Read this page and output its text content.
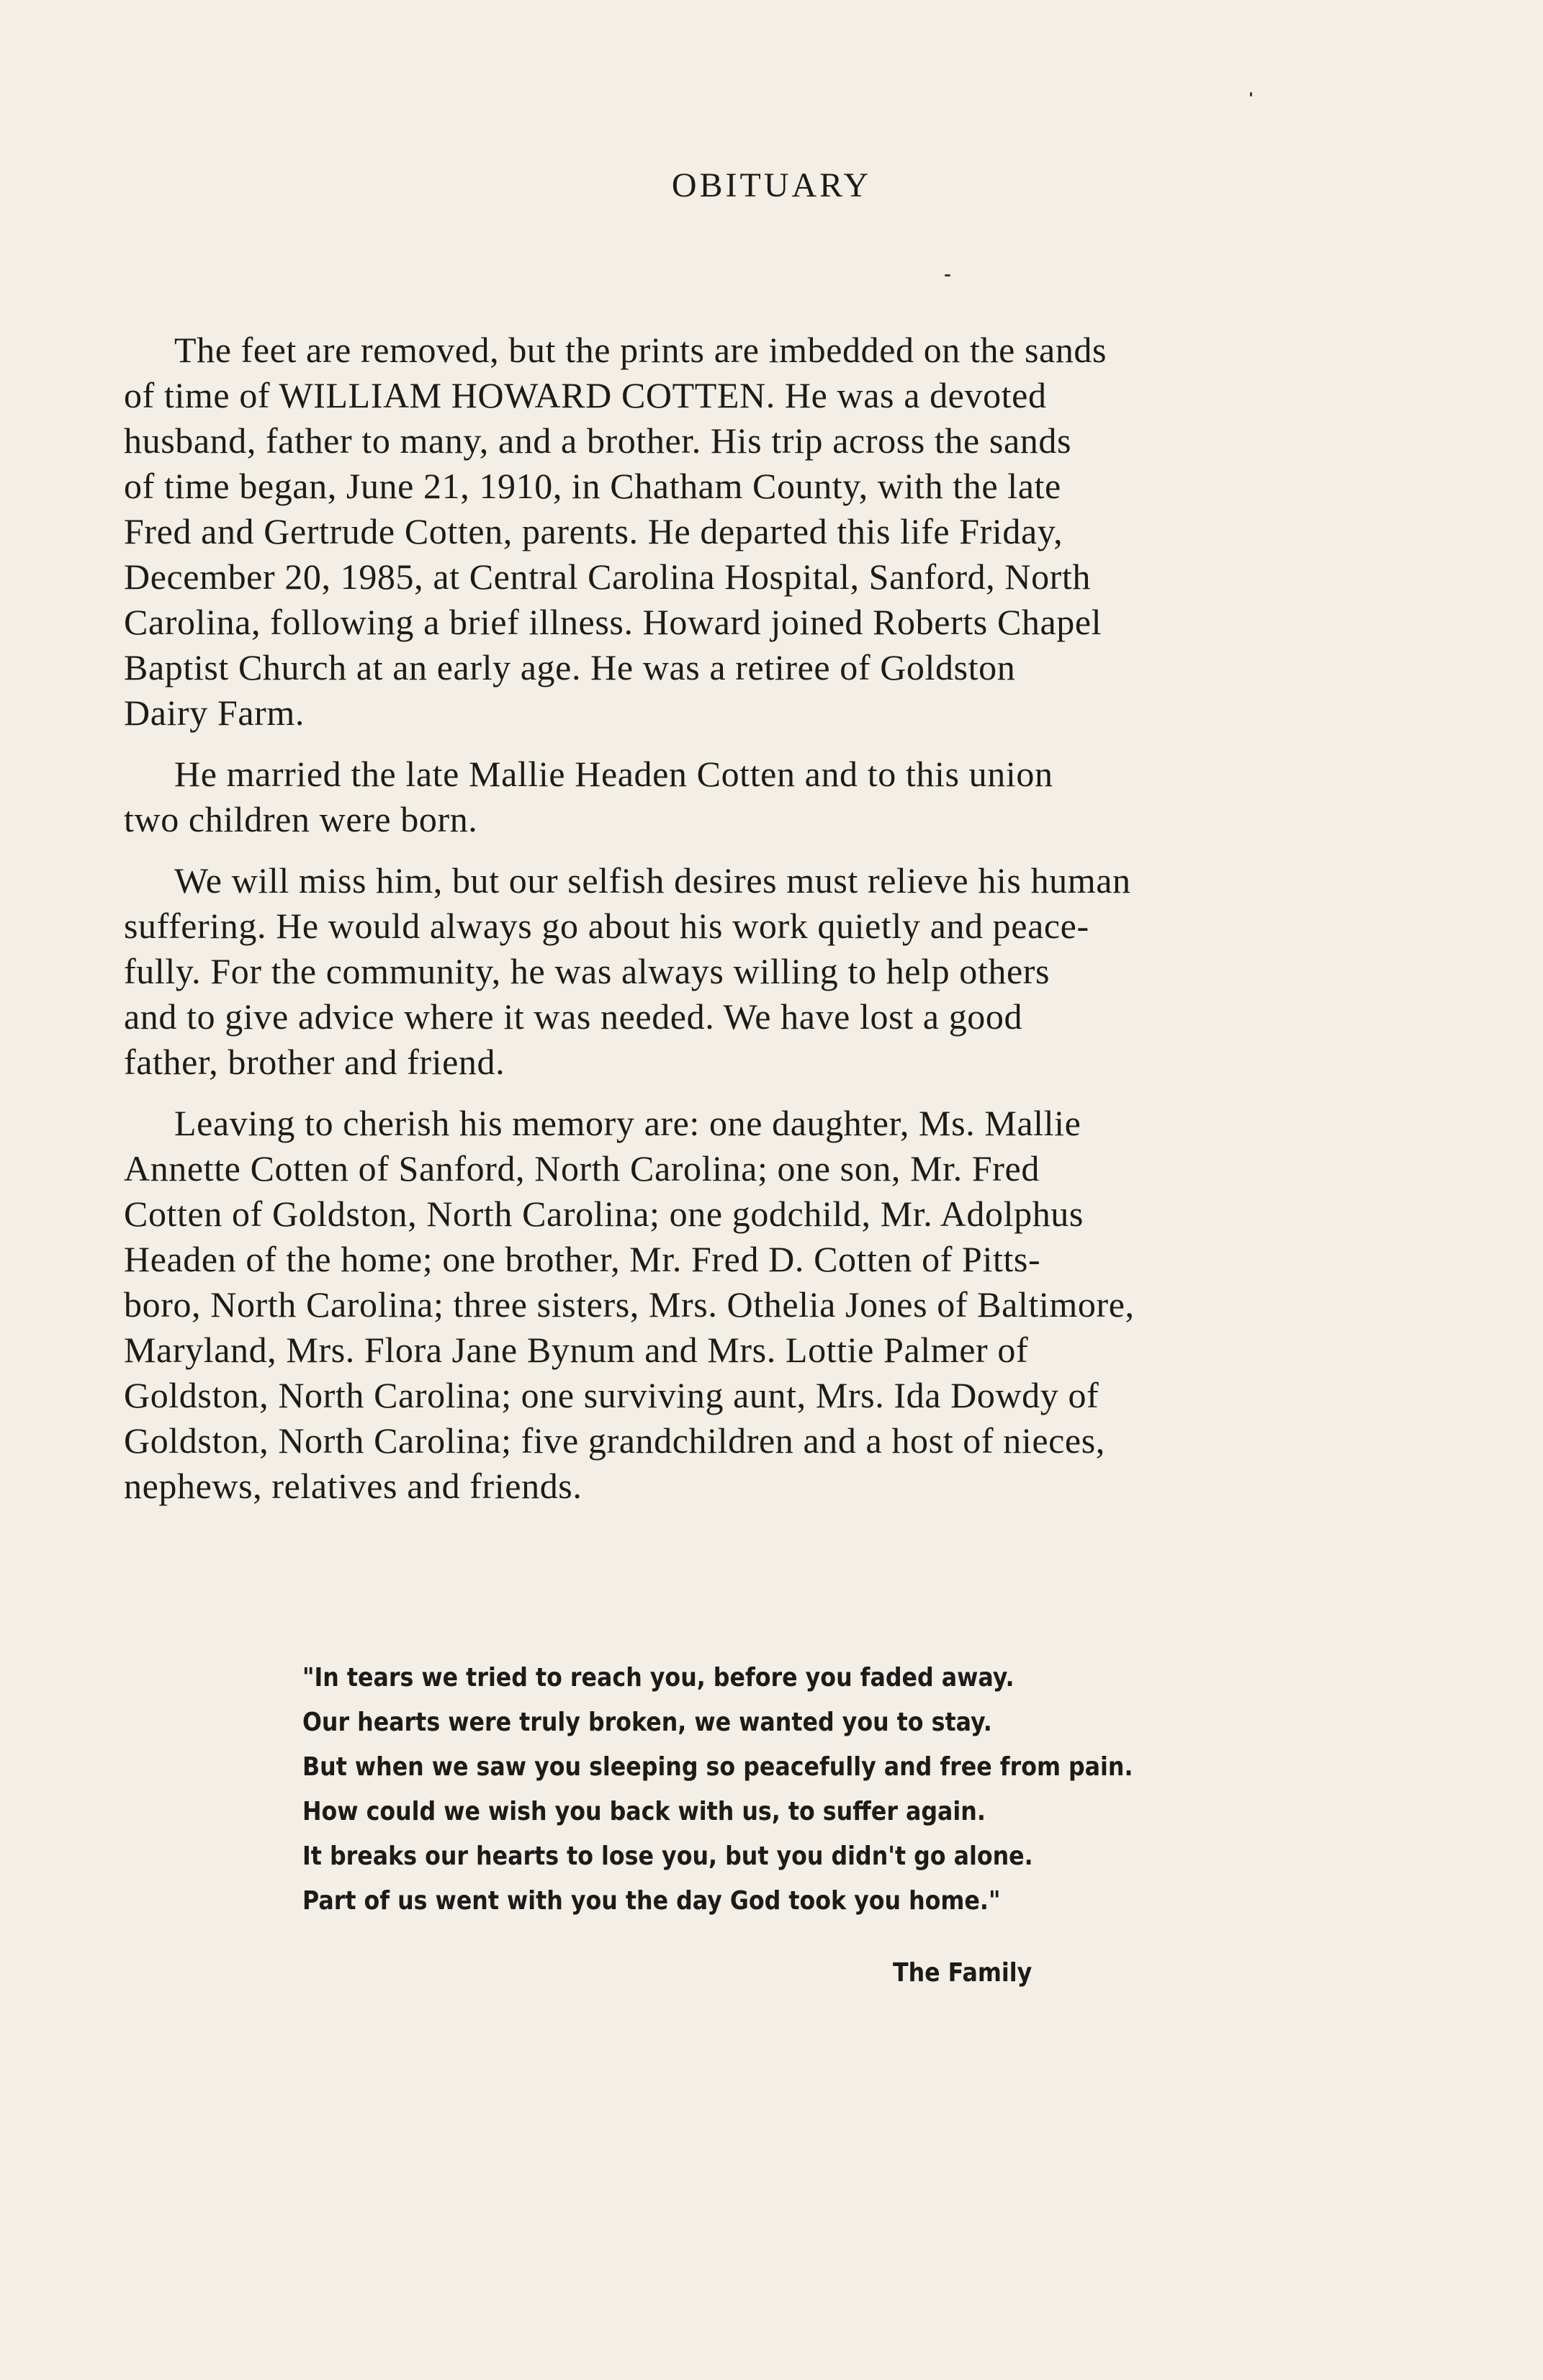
OBITUARY
The feet are removed, but the prints are imbedded on the sands
of time of WILLIAM HOWARD COTTEN. He was a devoted
husband, father to many, and a brother. His trip across the sands
of time began, June 21, 1910, in Chatham County, with the late
Fred and Gertrude Cotten, parents. He departed this life Friday,
December 20, 1985, at Central Carolina Hospital, Sanford, North
Carolina, following a brief illness. Howard joined Roberts Chapel
Baptist Church at an early age. He was a retiree of Goldston
Dairy Farm.
He married the late Mallie Headen Cotten and to this union
two children were born.
We will miss him, but our selfish desires must relieve his human
suffering. He would always go about his work quietly and peace-
fully. For the community, he was always willing to help others
and to give advice where it was needed. We have lost a good
father, brother and friend.
Leaving to cherish his memory are: one daughter, Ms. Mallie
Annette Cotten of Sanford, North Carolina; one son, Mr. Fred
Cotten of Goldston, North Carolina; one godchild, Mr. Adolphus
Headen of the home; one brother, Mr. Fred D. Cotten of Pitts-
boro, North Carolina; three sisters, Mrs. Othelia Jones of Baltimore,
Maryland, Mrs. Flora Jane Bynum and Mrs. Lottie Palmer of
Goldston, North Carolina; one surviving aunt, Mrs. Ida Dowdy of
Goldston, North Carolina; five grandchildren and a host of nieces,
nephews, relatives and friends.
"In tears we tried to reach you, before you faded away.
Our hearts were truly broken, we wanted you to stay.
But when we saw you sleeping so peacefully and free from pain.
How could we wish you back with us, to suffer again.
It breaks our hearts to lose you, but you didn't go alone.
Part of us went with you the day God took you home."
The Family
